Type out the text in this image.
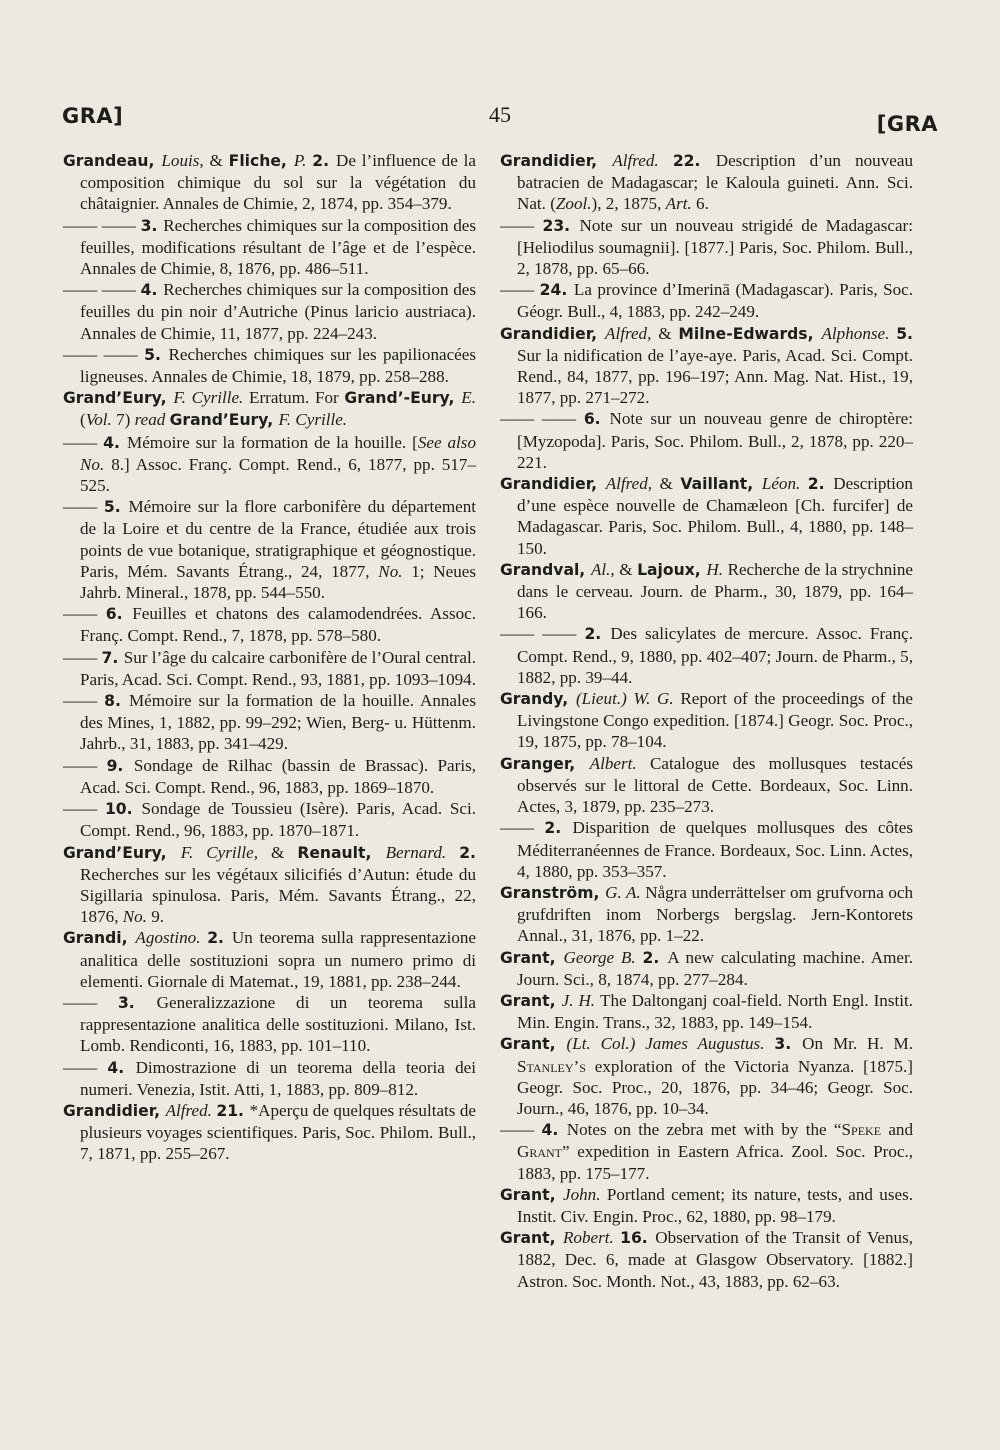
GRA]	45	[GRA
Grandeau, Louis, & Fliche, P. 2. De l’influence de la composition chimique du sol sur la végétation du châtaignier. Annales de Chimie, 2, 1874, pp. 354–379.
—— —— 3. Recherches chimiques sur la composition des feuilles, modifications résultant de l’âge et de l’espèce. Annales de Chimie, 8, 1876, pp. 486–511.
—— —— 4. Recherches chimiques sur la composition des feuilles du pin noir d’Autriche (Pinus laricio austriaca). Annales de Chimie, 11, 1877, pp. 224–243.
—— —— 5. Recherches chimiques sur les papilionacées ligneuses. Annales de Chimie, 18, 1879, pp. 258–288.
Grand’Eury, F. Cyrille. Erratum. For Grand’-Eury, E. (Vol. 7) read Grand’Eury, F. Cyrille.
—— 4. Mémoire sur la formation de la houille. [See also No. 8.] Assoc. Franç. Compt. Rend., 6, 1877, pp. 517–525.
—— 5. Mémoire sur la flore carbonifère du département de la Loire et du centre de la France, étudiée aux trois points de vue botanique, stratigraphique et géognostique. Paris, Mém. Savants Étrang., 24, 1877, No. 1; Neues Jahrb. Mineral., 1878, pp. 544–550.
—— 6. Feuilles et chatons des calamodendrées. Assoc. Franç. Compt. Rend., 7, 1878, pp. 578–580.
—— 7. Sur l’âge du calcaire carbonifère de l’Oural central. Paris, Acad. Sci. Compt. Rend., 93, 1881, pp. 1093–1094.
—— 8. Mémoire sur la formation de la houille. Annales des Mines, 1, 1882, pp. 99–292; Wien, Berg- u. Hüttenm. Jahrb., 31, 1883, pp. 341–429.
—— 9. Sondage de Rilhac (bassin de Brassac). Paris, Acad. Sci. Compt. Rend., 96, 1883, pp. 1869–1870.
—— 10. Sondage de Toussieu (Isère). Paris, Acad. Sci. Compt. Rend., 96, 1883, pp. 1870–1871.
Grand’Eury, F. Cyrille, & Renault, Bernard. 2. Recherches sur les végétaux silicifiés d’Autun: étude du Sigillaria spinulosa. Paris, Mém. Savants Étrang., 22, 1876, No. 9.
Grandi, Agostino. 2. Un teorema sulla rappresentazione analitica delle sostituzioni sopra un numero primo di elementi. Giornale di Matemat., 19, 1881, pp. 238–244.
—— 3. Generalizzazione di un teorema sulla rappresentazione analitica delle sostituzioni. Milano, Ist. Lomb. Rendiconti, 16, 1883, pp. 101–110.
—— 4. Dimostrazione di un teorema della teoria dei numeri. Venezia, Istit. Atti, 1, 1883, pp. 809–812.
Grandidier, Alfred. 21. *Aperçu de quelques résultats de plusieurs voyages scientifiques. Paris, Soc. Philom. Bull., 7, 1871, pp. 255–267.
Grandidier, Alfred. 22. Description d’un nouveau batracien de Madagascar; le Kaloula guineti. Ann. Sci. Nat. (Zool.), 2, 1875, Art. 6.
—— 23. Note sur un nouveau strigidé de Madagascar: [Heliodilus soumagnii]. [1877.] Paris, Soc. Philom. Bull., 2, 1878, pp. 65–66.
—— 24. La province d’Imerinā (Madagascar). Paris, Soc. Géogr. Bull., 4, 1883, pp. 242–249.
Grandidier, Alfred, & Milne-Edwards, Alphonse. 5. Sur la nidification de l’aye-aye. Paris, Acad. Sci. Compt. Rend., 84, 1877, pp. 196–197; Ann. Mag. Nat. Hist., 19, 1877, pp. 271–272.
—— —— 6. Note sur un nouveau genre de chiroptère: [Myzopoda]. Paris, Soc. Philom. Bull., 2, 1878, pp. 220–221.
Grandidier, Alfred, & Vaillant, Léon. 2. Description d’une espèce nouvelle de Chamæleon [Ch. furcifer] de Madagascar. Paris, Soc. Philom. Bull., 4, 1880, pp. 148–150.
Grandval, Al., & Lajoux, H. Recherche de la strychnine dans le cerveau. Journ. de Pharm., 30, 1879, pp. 164–166.
—— —— 2. Des salicylates de mercure. Assoc. Franç. Compt. Rend., 9, 1880, pp. 402–407; Journ. de Pharm., 5, 1882, pp. 39–44.
Grandy, (Lieut.) W. G. Report of the proceedings of the Livingstone Congo expedition. [1874.] Geogr. Soc. Proc., 19, 1875, pp. 78–104.
Granger, Albert. Catalogue des mollusques testacés observés sur le littoral de Cette. Bordeaux, Soc. Linn. Actes, 3, 1879, pp. 235–273.
—— 2. Disparition de quelques mollusques des côtes Méditerranéennes de France. Bordeaux, Soc. Linn. Actes, 4, 1880, pp. 353–357.
Granström, G. A. Några underrättelser om grufvorna och grufdriften inom Norbergs bergslag. Jern-Kontorets Annal., 31, 1876, pp. 1–22.
Grant, George B. 2. A new calculating machine. Amer. Journ. Sci., 8, 1874, pp. 277–284.
Grant, J. H. The Daltonganj coal-field. North Engl. Instit. Min. Engin. Trans., 32, 1883, pp. 149–154.
Grant, (Lt. Col.) James Augustus. 3. On Mr. H. M. Stanley’s exploration of the Victoria Nyanza. [1875.] Geogr. Soc. Proc., 20, 1876, pp. 34–46; Geogr. Soc. Journ., 46, 1876, pp. 10–34.
—— 4. Notes on the zebra met with by the “Speke and Grant” expedition in Eastern Africa. Zool. Soc. Proc., 1883, pp. 175–177.
Grant, John. Portland cement; its nature, tests, and uses. Instit. Civ. Engin. Proc., 62, 1880, pp. 98–179.
Grant, Robert. 16. Observation of the Transit of Venus, 1882, Dec. 6, made at Glasgow Observatory. [1882.] Astron. Soc. Month. Not., 43, 1883, pp. 62–63.
